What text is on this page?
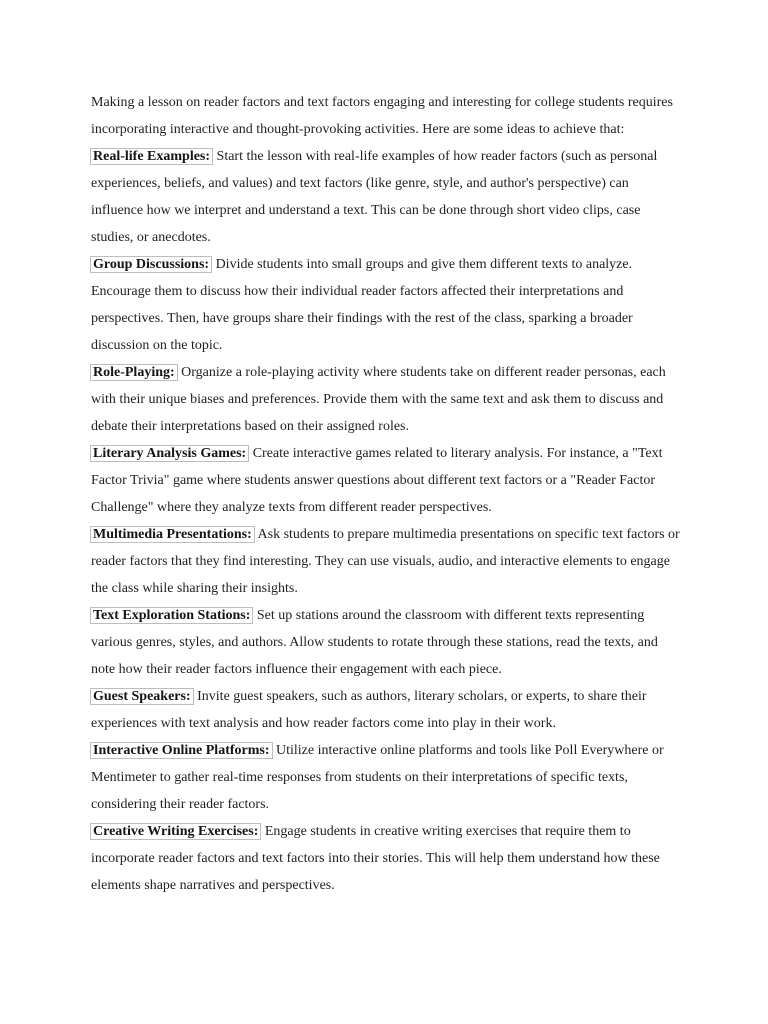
Making a lesson on reader factors and text factors engaging and interesting for college students requires incorporating interactive and thought-provoking activities. Here are some ideas to achieve that:

Real-life Examples: Start the lesson with real-life examples of how reader factors (such as personal experiences, beliefs, and values) and text factors (like genre, style, and author's perspective) can influence how we interpret and understand a text. This can be done through short video clips, case studies, or anecdotes.

Group Discussions: Divide students into small groups and give them different texts to analyze. Encourage them to discuss how their individual reader factors affected their interpretations and perspectives. Then, have groups share their findings with the rest of the class, sparking a broader discussion on the topic.

Role-Playing: Organize a role-playing activity where students take on different reader personas, each with their unique biases and preferences. Provide them with the same text and ask them to discuss and debate their interpretations based on their assigned roles.

Literary Analysis Games: Create interactive games related to literary analysis. For instance, a "Text Factor Trivia" game where students answer questions about different text factors or a "Reader Factor Challenge" where they analyze texts from different reader perspectives.

Multimedia Presentations: Ask students to prepare multimedia presentations on specific text factors or reader factors that they find interesting. They can use visuals, audio, and interactive elements to engage the class while sharing their insights.

Text Exploration Stations: Set up stations around the classroom with different texts representing various genres, styles, and authors. Allow students to rotate through these stations, read the texts, and note how their reader factors influence their engagement with each piece.

Guest Speakers: Invite guest speakers, such as authors, literary scholars, or experts, to share their experiences with text analysis and how reader factors come into play in their work.

Interactive Online Platforms: Utilize interactive online platforms and tools like Poll Everywhere or Mentimeter to gather real-time responses from students on their interpretations of specific texts, considering their reader factors.

Creative Writing Exercises: Engage students in creative writing exercises that require them to incorporate reader factors and text factors into their stories. This will help them understand how these elements shape narratives and perspectives.
